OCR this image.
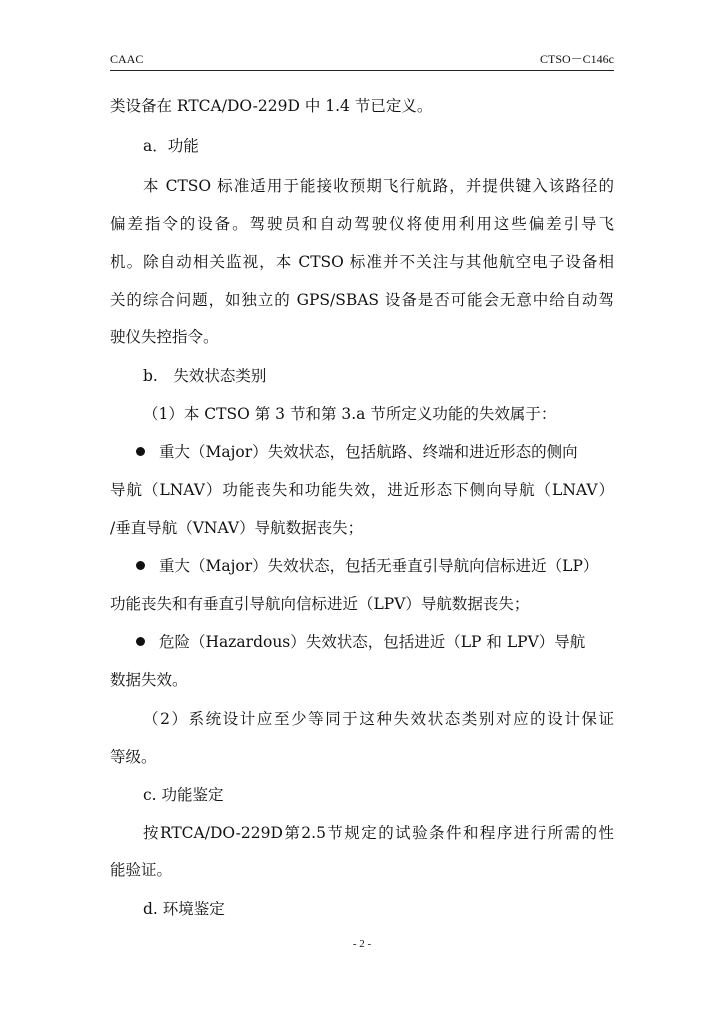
CAAC	CTSO－C146c
类设备在 RTCA/DO-229D 中 1.4 节已定义。
a．功能
本 CTSO 标准适用于能接收预期飞行航路，并提供键入该路径的
偏差指令的设备。驾驶员和自动驾驶仪将使用利用这些偏差引导飞
机。除自动相关监视，本 CTSO 标准并不关注与其他航空电子设备相
关的综合问题，如独立的 GPS/SBAS 设备是否可能会无意中给自动驾
驶仪失控指令。
b.　失效状态类别
（1）本 CTSO 第 3 节和第 3.a 节所定义功能的失效属于：
重大（Major）失效状态，包括航路、终端和进近形态的侧向
导航（LNAV）功能丧失和功能失效，进近形态下侧向导航（LNAV）
/垂直导航（VNAV）导航数据丧失；
重大（Major）失效状态，包括无垂直引导航向信标进近（LP）
功能丧失和有垂直引导航向信标进近（LPV）导航数据丧失；
危险（Hazardous）失效状态，包括进近（LP 和 LPV）导航
数据失效。
（2）系统设计应至少等同于这种失效状态类别对应的设计保证
等级。
c. 功能鉴定
按RTCA/DO-229D第2.5节规定的试验条件和程序进行所需的性
能验证。
d. 环境鉴定
- 2 -
